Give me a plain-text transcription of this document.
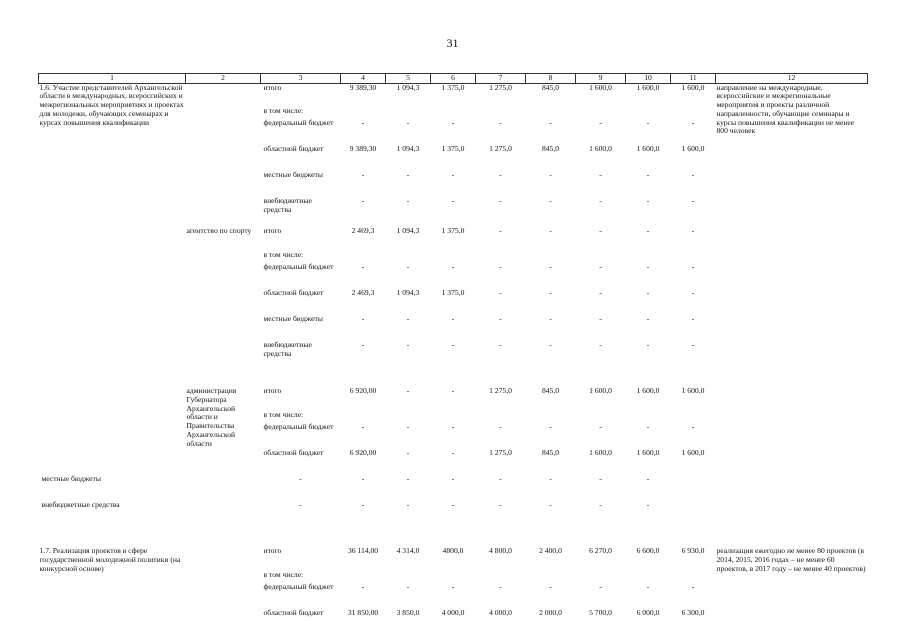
31
1	2	3	4	5	6	7	8	9	10	11	12
1.6. Участие представителей Архангельской области в международных, всероссийских и межрегиональных мероприятиях и проектах для молодежи, обучающих семинарах и курсах повышения квалификации		итого	9 389,30	1 094,3	1 375,0	1 275,0	845,0	1 600,0	1 600,0	1 600,0	направление на международные, всероссийские и межрегиональные мероприятия и проекты различной направленности, обучающие семинары и курсы повышения квалификации не менее 800 человек
		в том числе:									
		федеральный бюджет	-	-	-	-	-	-	-	-	
		областной бюджет	9 389,30	1 094,3	1 375,0	1 275,0	845,0	1 600,0	1 600,0	1 600,0	
		местные бюджеты	-	-	-	-	-	-	-	-	
		внебюджетные средства	-	-	-	-	-	-	-	-	

	агентство по спорту	итого	2 469,3	1 094,3	1 375,0	-	-	-	-	-	
		в том числе:									
		федеральный бюджет	-	-	-	-	-	-	-	-	
		областной бюджет	2 469,3	1 094,3	1 375,0	-	-	-	-	-	
		местные бюджеты	-	-	-	-	-	-	-	-	
		внебюджетные средства	-	-	-	-	-	-	-	-	

	администрация Губернатора Архангельской области и Правительства Архангельской области	итого	6 920,00	-	-	1 275,0	845,0	1 600,0	1 600,0	1 600,0	
		в том числе:									
		федеральный бюджет	-	-	-	-	-	-	-	-	
		областной бюджет	6 920,00	-	-	1 275,0	845,0	1 600,0	1 600,0	1 600,0	
местные бюджеты		-	-	-	-	-	-	-	-		
внебюджетные средства		-	-	-	-	-	-	-	-		

1.7. Реализация проектов в сфере государственной молодежной политики (на конкурсной основе)		итого	36 114,00	4 314,0	4800,0	4 800,0	2 400,0	6 270,0	6 600,0	6 930,0	реализация ежегодно не менее 80 проектов (в 2014, 2015, 2016 годах – не менее 60 проектов, в 2017 году – не менее 40 проектов)
		в том числе:									
		федеральный бюджет	-	-	-	-	-	-	-	-	
		областной бюджет	31 850,00	3 850,0	4 000,0	4 000,0	2 000,0	5 700,0	6 000,0	6 300,0	
